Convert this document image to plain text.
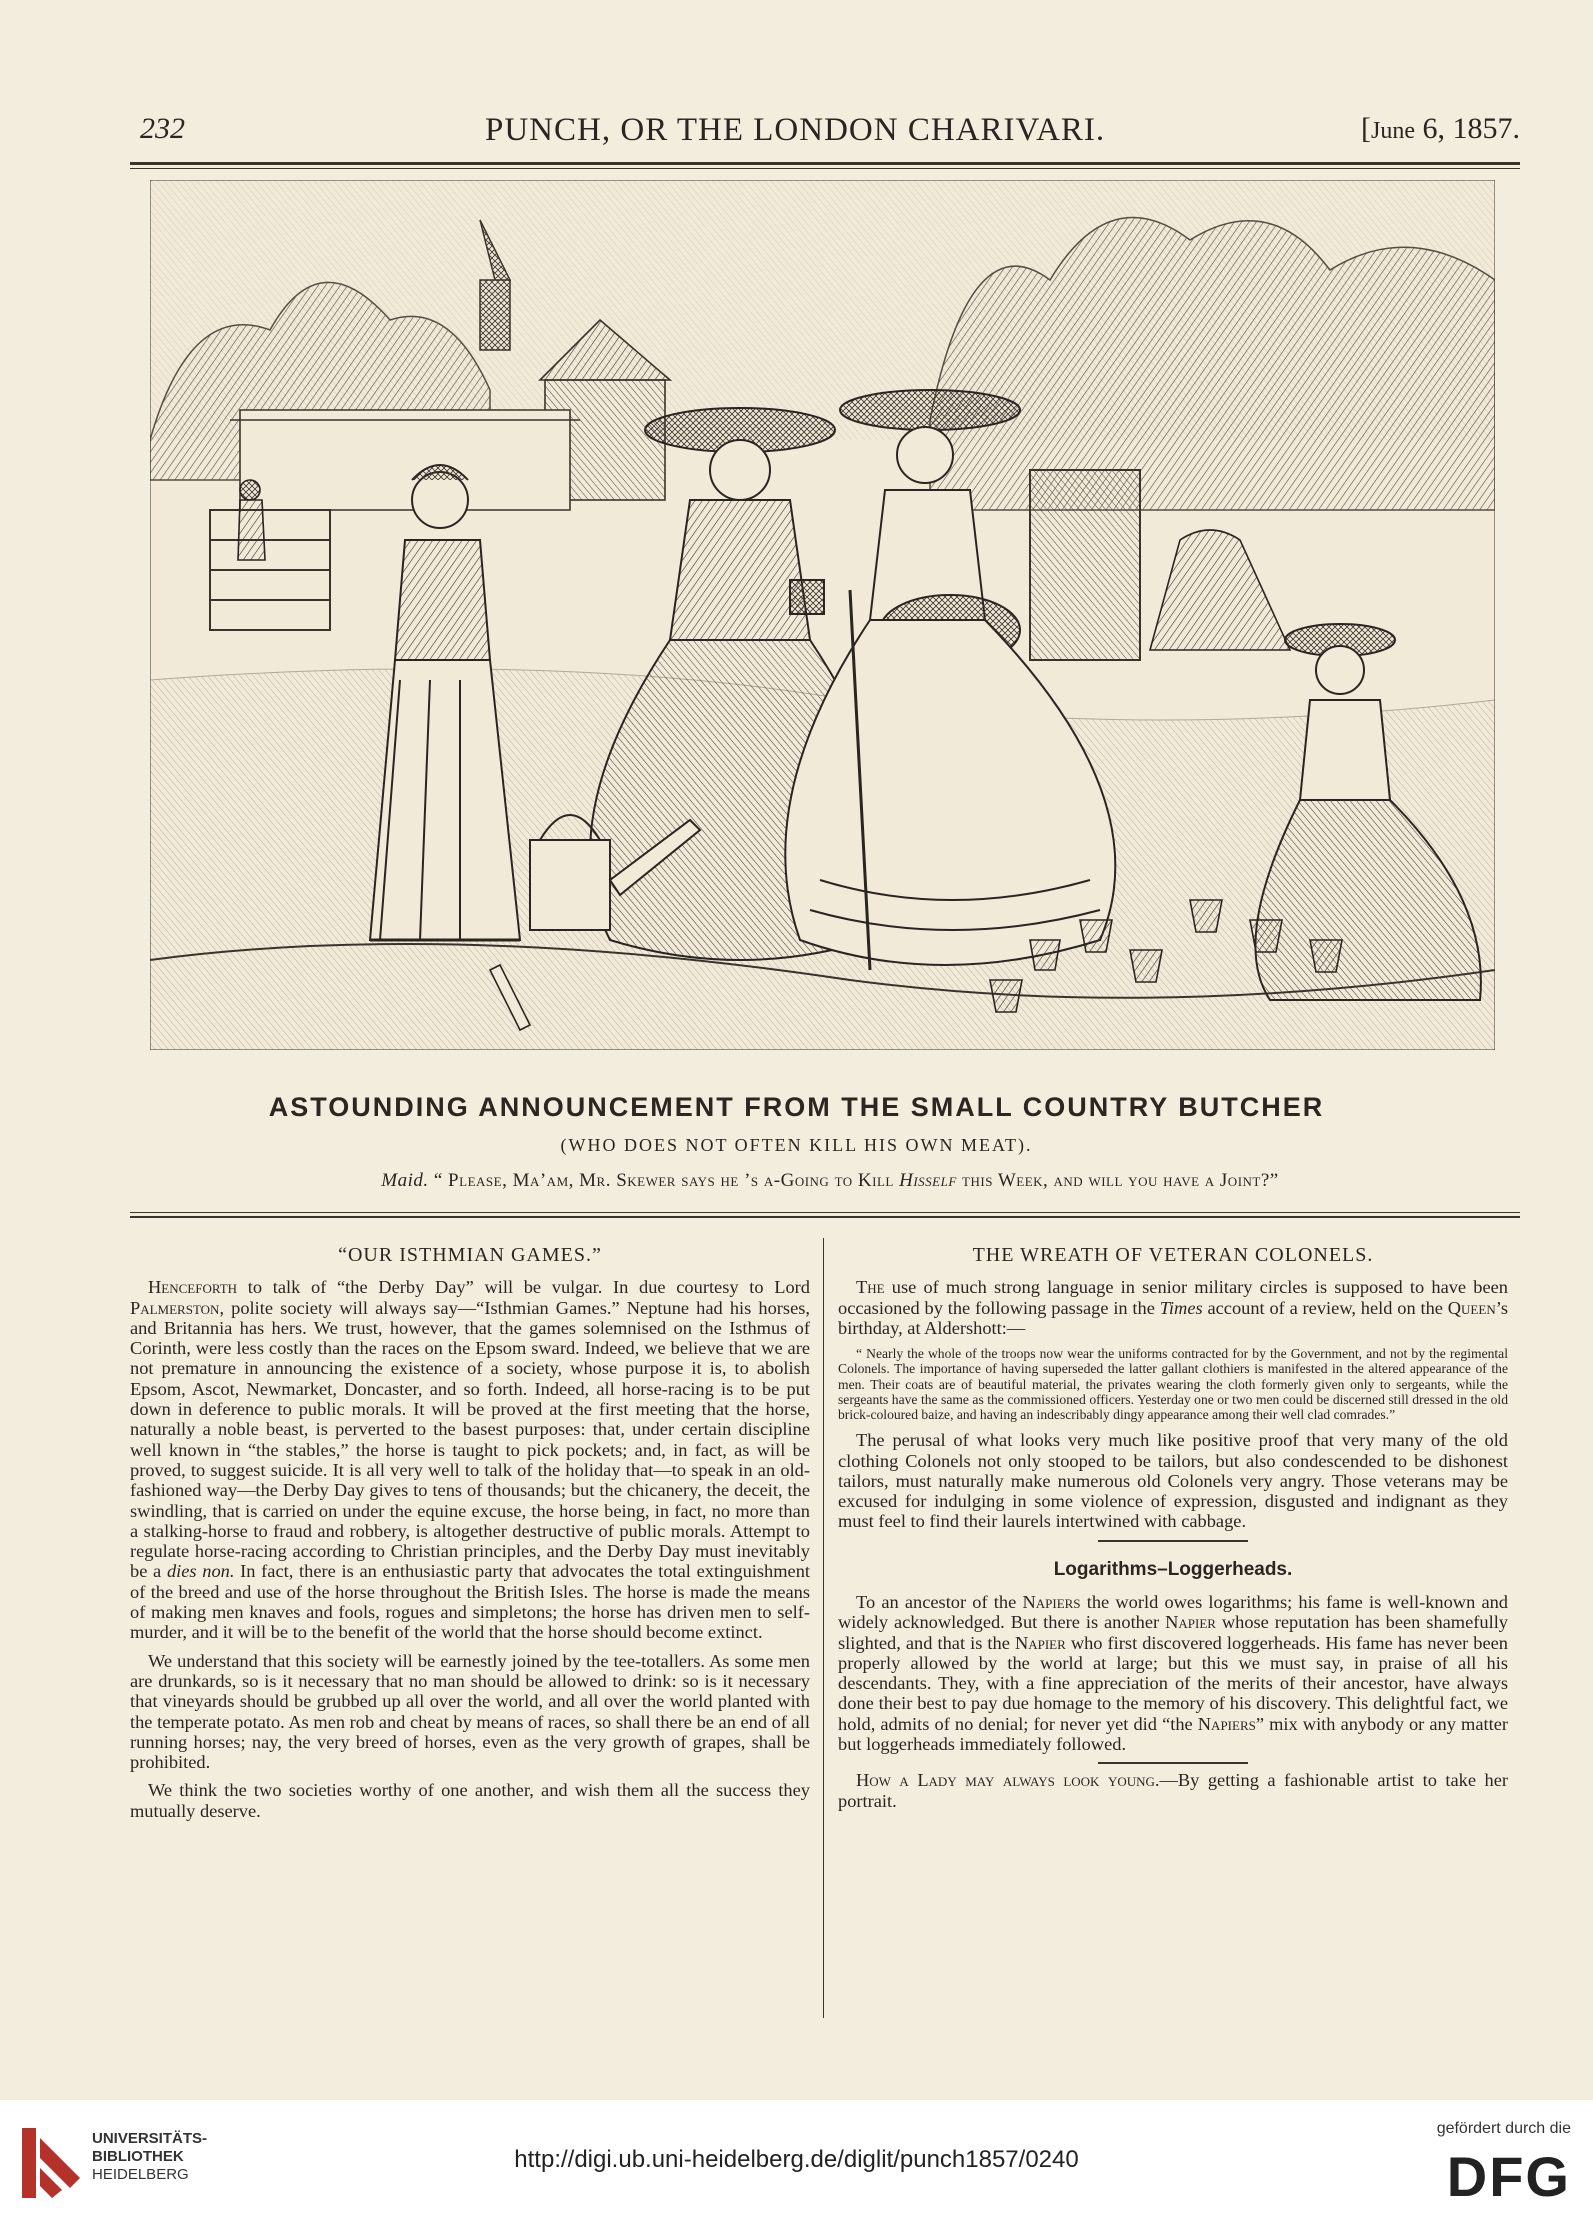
232	PUNCH, OR THE LONDON CHARIVARI.	[June 6, 1857.
ASTOUNDING ANNOUNCEMENT FROM THE SMALL COUNTRY BUTCHER
(WHO DOES NOT OFTEN KILL HIS OWN MEAT).
Maid. “ Please, Ma’am, Mr. Skewer says he ’s a-Going to Kill Hisself this Week, and will you have a Joint?”
“OUR ISTHMIAN GAMES.”

Henceforth to talk of “the Derby Day” will be vulgar. In due courtesy to Lord Palmerston, polite society will always say—“Isthmian Games.” Neptune had his horses, and Britannia has hers. We trust, however, that the games solemnised on the Isthmus of Corinth, were less costly than the races on the Epsom sward. Indeed, we believe that we are not premature in announcing the existence of a society, whose purpose it is, to abolish Epsom, Ascot, Newmarket, Doncaster, and so forth. Indeed, all horse-racing is to be put down in deference to public morals. It will be proved at the first meeting that the horse, naturally a noble beast, is perverted to the basest purposes: that, under certain discipline well known in “the stables,” the horse is taught to pick pockets; and, in fact, as will be proved, to suggest suicide. It is all very well to talk of the holiday that—to speak in an old-fashioned way—the Derby Day gives to tens of thousands; but the chicanery, the deceit, the swindling, that is carried on under the equine excuse, the horse being, in fact, no more than a stalking-horse to fraud and robbery, is altogether destructive of public morals. Attempt to regulate horse-racing according to Christian principles, and the Derby Day must inevitably be a dies non. In fact, there is an enthusiastic party that advocates the total extinguishment of the breed and use of the horse throughout the British Isles. The horse is made the means of making men knaves and fools, rogues and simpletons; the horse has driven men to self-murder, and it will be to the benefit of the world that the horse should become extinct.

We understand that this society will be earnestly joined by the tee-totallers. As some men are drunkards, so is it necessary that no man should be allowed to drink: so is it necessary that vineyards should be grubbed up all over the world, and all over the world planted with the temperate potato. As men rob and cheat by means of races, so shall there be an end of all running horses; nay, the very breed of horses, even as the very growth of grapes, shall be prohibited.

We think the two societies worthy of one another, and wish them all the success they mutually deserve.

THE WREATH OF VETERAN COLONELS.

The use of much strong language in senior military circles is supposed to have been occasioned by the following passage in the Times account of a review, held on the Queen’s birthday, at Aldershott:—

“ Nearly the whole of the troops now wear the uniforms contracted for by the Government, and not by the regimental Colonels. The importance of having superseded the latter gallant clothiers is manifested in the altered appearance of the men. Their coats are of beautiful material, the privates wearing the cloth formerly given only to sergeants, while the sergeants have the same as the commissioned officers. Yesterday one or two men could be discerned still dressed in the old brick-coloured baize, and having an indescribably dingy appearance among their well clad comrades.”

The perusal of what looks very much like positive proof that very many of the old clothing Colonels not only stooped to be tailors, but also condescended to be dishonest tailors, must naturally make numerous old Colonels very angry. Those veterans may be excused for indulging in some violence of expression, disgusted and indignant as they must feel to find their laurels intertwined with cabbage.

Logarithms–Loggerheads.

To an ancestor of the Napiers the world owes logarithms; his fame is well-known and widely acknowledged. But there is another Napier whose reputation has been shamefully slighted, and that is the Napier who first discovered loggerheads. His fame has never been properly allowed by the world at large; but this we must say, in praise of all his descendants. They, with a fine appreciation of the merits of their ancestor, have always done their best to pay due homage to the memory of his discovery. This delightful fact, we hold, admits of no denial; for never yet did “the Napiers” mix with anybody or any matter but loggerheads immediately followed.

How a Lady may always look young.—By getting a fashionable artist to take her portrait.

UNIVERSITÄTS-
BIBLIOTHEK
HEIDELBERG
http://digi.ub.uni-heidelberg.de/diglit/punch1857/0240
gefördert durch die
DFG
